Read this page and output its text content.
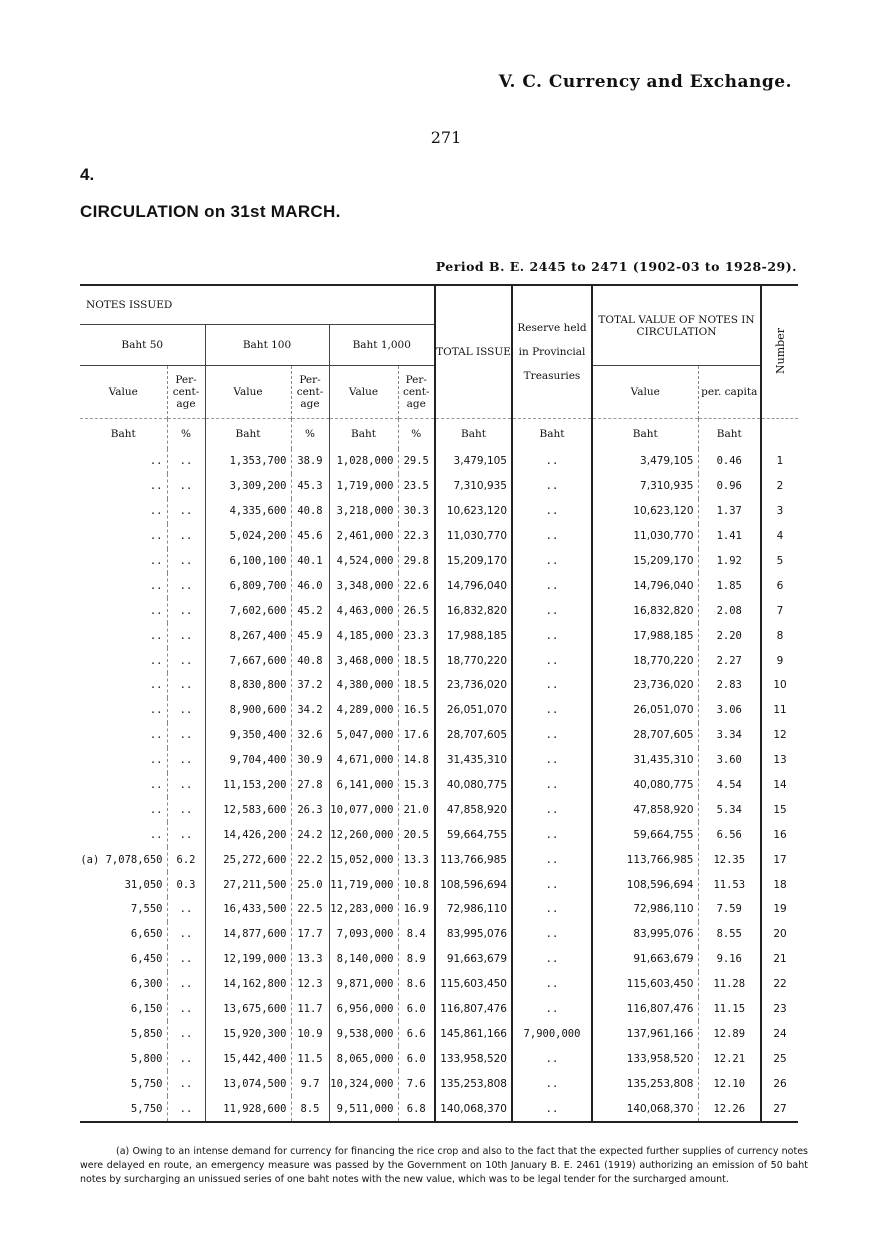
V. C. Currency and Exchange.
271
4.
CIRCULATION on 31st MARCH.
Period B. E. 2445 to 2471 (1902-03 to 1928-29).
NOTES ISSUED						TOTAL ISSUE	Reserve held in Provincial Treasuries	TOTAL VALUE OF NOTES IN CIRCULATION		Number
Baht 50		Baht 100		Baht 1,000						
Value	Per-cent-age	Value	Per-cent-age	Value	Per-cent-age			Value	per. capita	
Baht	%	Baht	%	Baht	%	Baht	Baht	Baht	Baht	
..	..	1,353,700	38.9	1,028,000	29.5	3,479,105	..	3,479,105	0.46	1
..	..	3,309,200	45.3	1,719,000	23.5	7,310,935	..	7,310,935	0.96	2
..	..	4,335,600	40.8	3,218,000	30.3	10,623,120	..	10,623,120	1.37	3
..	..	5,024,200	45.6	2,461,000	22.3	11,030,770	..	11,030,770	1.41	4
..	..	6,100,100	40.1	4,524,000	29.8	15,209,170	..	15,209,170	1.92	5
..	..	6,809,700	46.0	3,348,000	22.6	14,796,040	..	14,796,040	1.85	6
..	..	7,602,600	45.2	4,463,000	26.5	16,832,820	..	16,832,820	2.08	7
..	..	8,267,400	45.9	4,185,000	23.3	17,988,185	..	17,988,185	2.20	8
..	..	7,667,600	40.8	3,468,000	18.5	18,770,220	..	18,770,220	2.27	9
..	..	8,830,800	37.2	4,380,000	18.5	23,736,020	..	23,736,020	2.83	10
..	..	8,900,600	34.2	4,289,000	16.5	26,051,070	..	26,051,070	3.06	11
..	..	9,350,400	32.6	5,047,000	17.6	28,707,605	..	28,707,605	3.34	12
..	..	9,704,400	30.9	4,671,000	14.8	31,435,310	..	31,435,310	3.60	13
..	..	11,153,200	27.8	6,141,000	15.3	40,080,775	..	40,080,775	4.54	14
..	..	12,583,600	26.3	10,077,000	21.0	47,858,920	..	47,858,920	5.34	15
..	..	14,426,200	24.2	12,260,000	20.5	59,664,755	..	59,664,755	6.56	16
(a) 7,078,650	6.2	25,272,600	22.2	15,052,000	13.3	113,766,985	..	113,766,985	12.35	17
31,050	0.3	27,211,500	25.0	11,719,000	10.8	108,596,694	..	108,596,694	11.53	18
7,550	..	16,433,500	22.5	12,283,000	16.9	72,986,110	..	72,986,110	7.59	19
6,650	..	14,877,600	17.7	7,093,000	8.4	83,995,076	..	83,995,076	8.55	20
6,450	..	12,199,000	13.3	8,140,000	8.9	91,663,679	..	91,663,679	9.16	21
6,300	..	14,162,800	12.3	9,871,000	8.6	115,603,450	..	115,603,450	11.28	22
6,150	..	13,675,600	11.7	6,956,000	6.0	116,807,476	..	116,807,476	11.15	23
5,850	..	15,920,300	10.9	9,538,000	6.6	145,861,166	7,900,000	137,961,166	12.89	24
5,800	..	15,442,400	11.5	8,065,000	6.0	133,958,520	..	133,958,520	12.21	25
5,750	..	13,074,500	9.7	10,324,000	7.6	135,253,808	..	135,253,808	12.10	26
5,750	..	11,928,600	8.5	9,511,000	6.8	140,068,370	..	140,068,370	12.26	27
(a) Owing to an intense demand for currency for financing the rice crop and also to the fact that the expected further supplies of currency notes were delayed en route, an emergency measure was passed by the Government on 10th January B. E. 2461 (1919) authorizing an emission of 50 baht notes by surcharging an unissued series of one baht notes with the new value, which was to be legal tender for the surcharged amount.
